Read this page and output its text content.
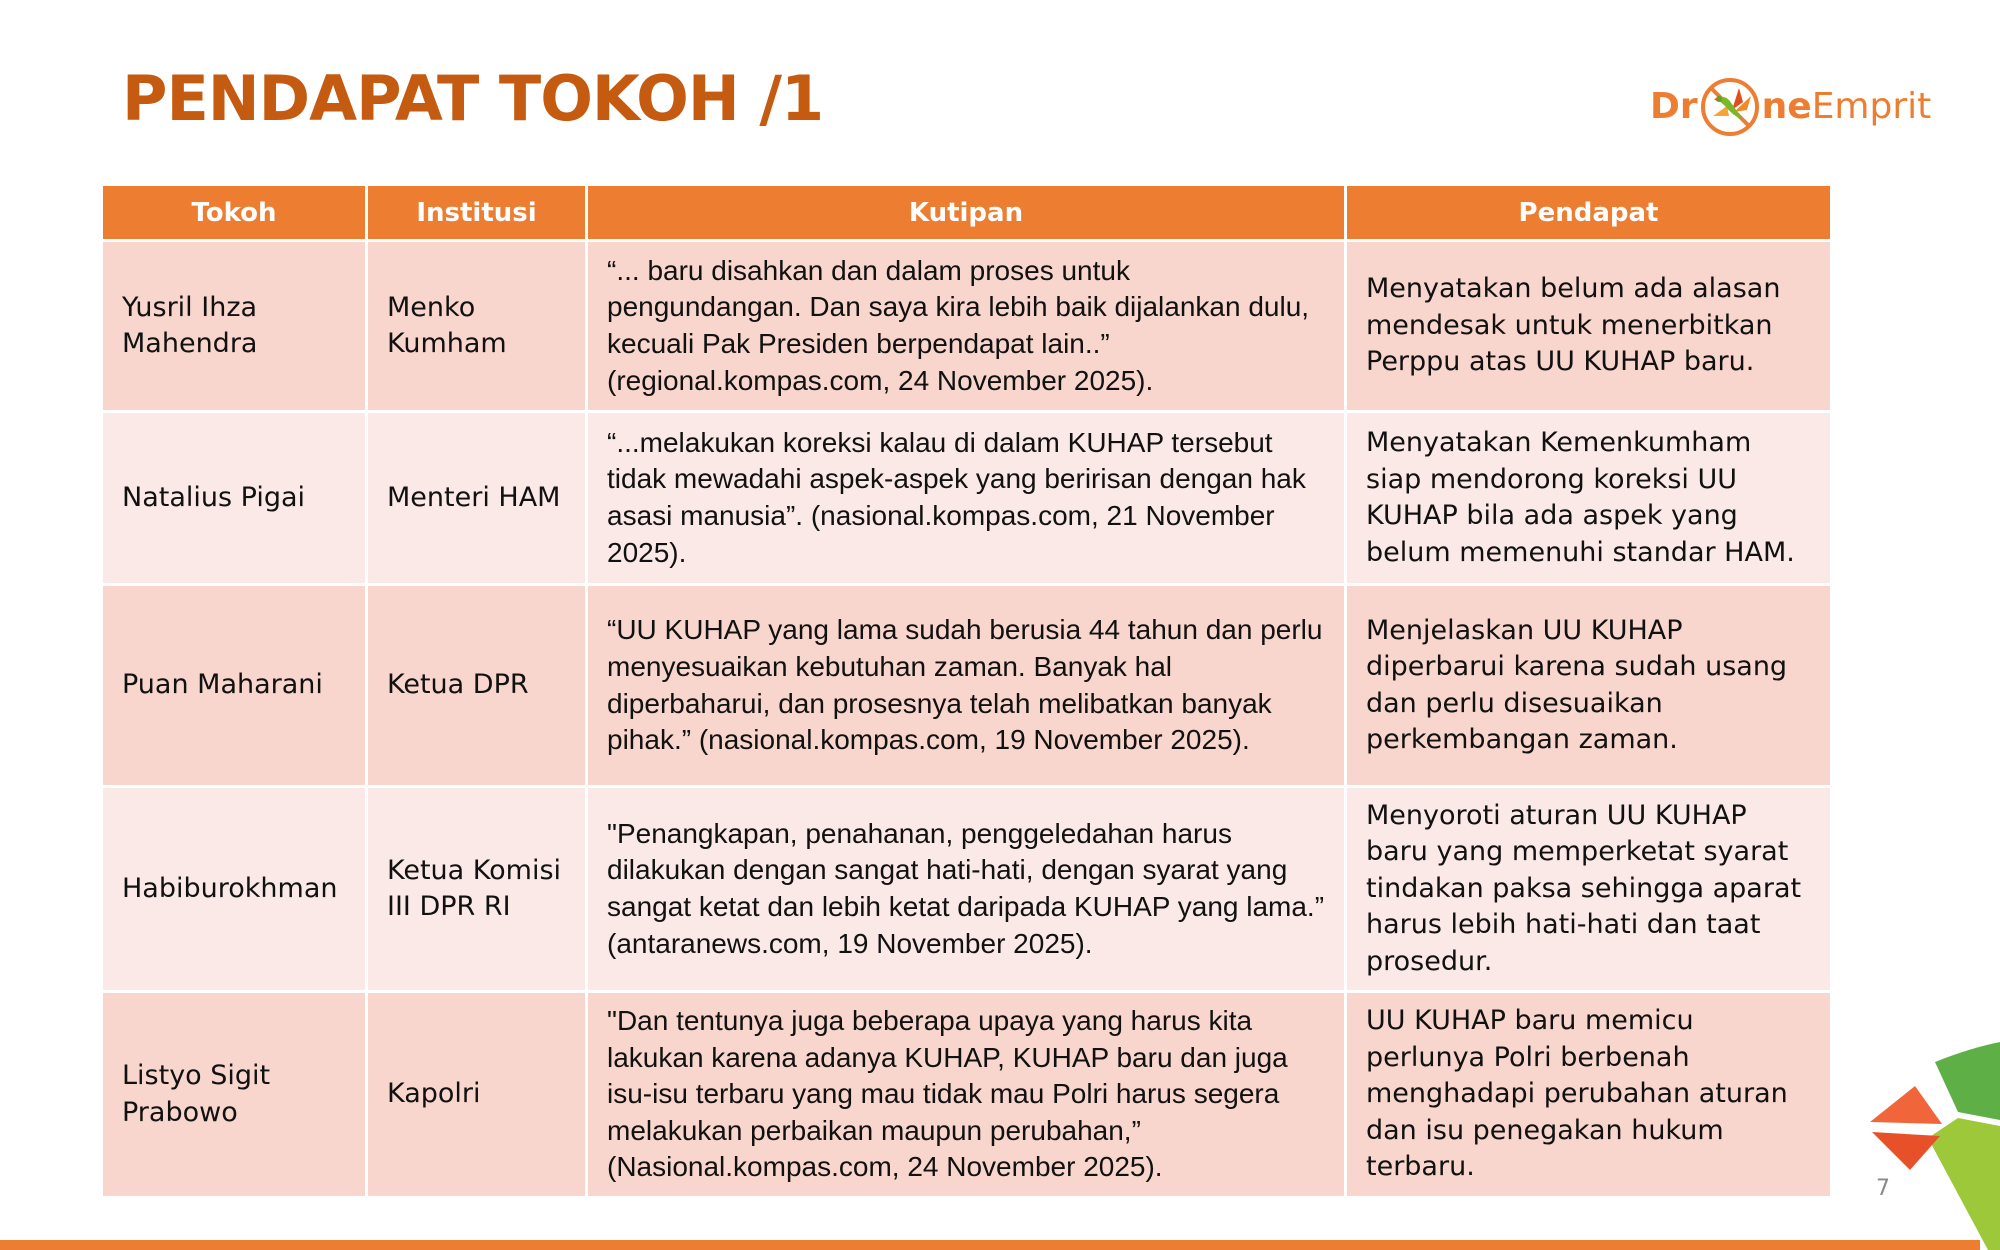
PENDAPAT TOKOH /1	Dr ne Emprit
Tokoh	Institusi	Kutipan	Pendapat
Yusril Ihza Mahendra	Menko Kumham	“... baru disahkan dan dalam proses untuk pengundangan. Dan saya kira lebih baik dijalankan dulu, kecuali Pak Presiden berpendapat lain..” (regional.kompas.com, 24 November 2025).	Menyatakan belum ada alasan mendesak untuk menerbitkan Perppu atas UU KUHAP baru.
Natalius Pigai	Menteri HAM	“...melakukan koreksi kalau di dalam KUHAP tersebut tidak mewadahi aspek-aspek yang beririsan dengan hak asasi manusia”. (nasional.kompas.com, 21 November 2025).	Menyatakan Kemenkumham siap mendorong koreksi UU KUHAP bila ada aspek yang belum memenuhi standar HAM.
Puan Maharani	Ketua DPR	“UU KUHAP yang lama sudah berusia 44 tahun dan perlu menyesuaikan kebutuhan zaman. Banyak hal diperbaharui, dan prosesnya telah melibatkan banyak pihak.” (nasional.kompas.com, 19 November 2025).	Menjelaskan UU KUHAP diperbarui karena sudah usang dan perlu disesuaikan perkembangan zaman.
Habiburokhman	Ketua Komisi III DPR RI	"Penangkapan, penahanan, penggeledahan harus dilakukan dengan sangat hati-hati, dengan syarat yang sangat ketat dan lebih ketat daripada KUHAP yang lama.” (antaranews.com, 19 November 2025).	Menyoroti aturan UU KUHAP baru yang memperketat syarat tindakan paksa sehingga aparat harus lebih hati-hati dan taat prosedur.
Listyo Sigit Prabowo	Kapolri	"Dan tentunya juga beberapa upaya yang harus kita lakukan karena adanya KUHAP, KUHAP baru dan juga isu-isu terbaru yang mau tidak mau Polri harus segera melakukan perbaikan maupun perubahan,” (Nasional.kompas.com, 24 November 2025).	UU KUHAP baru memicu perlunya Polri berbenah menghadapi perubahan aturan dan isu penegakan hukum terbaru.
7
